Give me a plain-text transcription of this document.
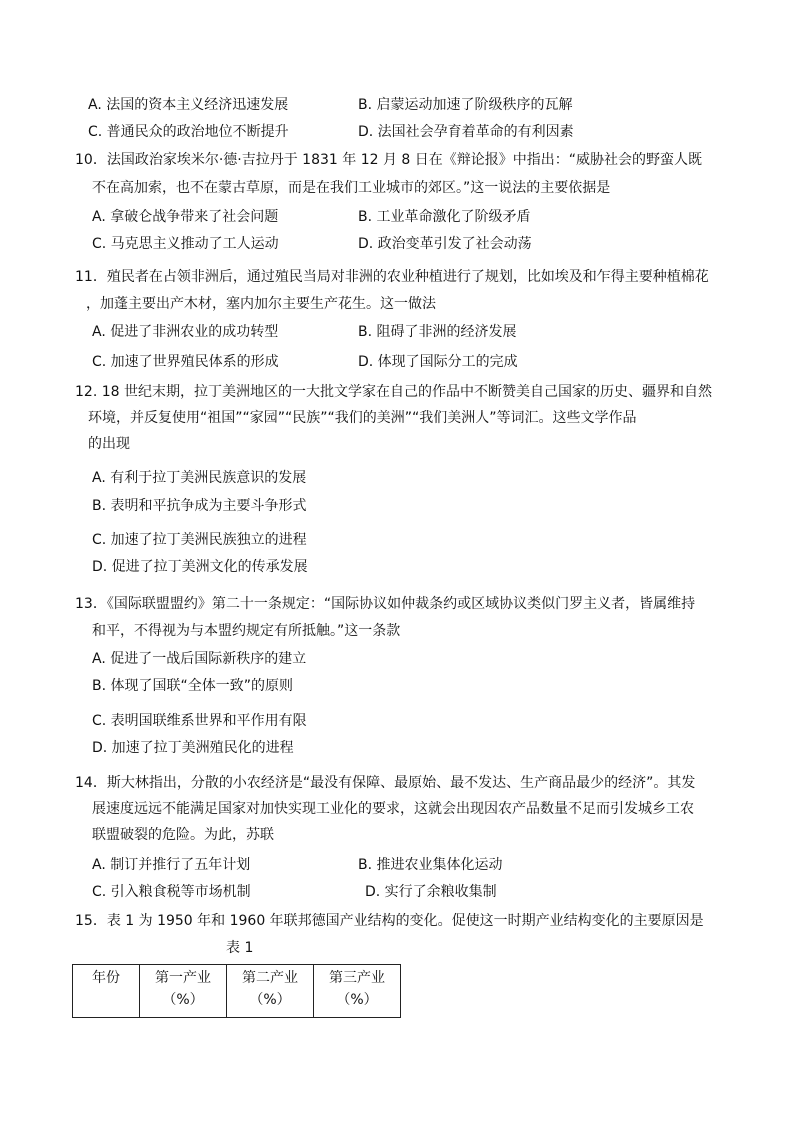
A. 法国的资本主义经济迅速发展	B. 启蒙运动加速了阶级秩序的瓦解
C. 普通民众的政治地位不断提升	D. 法国社会孕育着革命的有利因素
10．法国政治家埃米尔·德·吉拉丹于 1831 年 12 月 8 日在《辩论报》中指出：“威胁社会的野蛮人既
不在高加索，也不在蒙古草原，而是在我们工业城市的郊区。”这一说法的主要依据是
A. 拿破仑战争带来了社会问题	B. 工业革命激化了阶级矛盾
C. 马克思主义推动了工人运动	D. 政治变革引发了社会动荡
11．殖民者在占领非洲后，通过殖民当局对非洲的农业种植进行了规划，比如埃及和乍得主要种植棉花
，加蓬主要出产木材，塞内加尔主要生产花生。这一做法
A. 促进了非洲农业的成功转型	B. 阻碍了非洲的经济发展
C. 加速了世界殖民体系的形成	D. 体现了国际分工的完成
12. 18 世纪末期，拉丁美洲地区的一大批文学家在自己的作品中不断赞美自己国家的历史、疆界和自然
环境，并反复使用“祖国”“家园”“民族”“我们的美洲”“我们美洲人”等词汇。这些文学作品
的出现
A. 有利于拉丁美洲民族意识的发展
B. 表明和平抗争成为主要斗争形式
C. 加速了拉丁美洲民族独立的进程
D. 促进了拉丁美洲文化的传承发展
13．《国际联盟盟约》第二十一条规定：“国际协议如仲裁条约或区域协议类似门罗主义者，皆属维持
和平，不得视为与本盟约规定有所抵触。”这一条款
A. 促进了一战后国际新秩序的建立
B. 体现了国联“全体一致”的原则
C. 表明国联维系世界和平作用有限
D. 加速了拉丁美洲殖民化的进程
14．斯大林指出，分散的小农经济是“最没有保障、最原始、最不发达、生产商品最少的经济”。其发
展速度远远不能满足国家对加快实现工业化的要求，这就会出现因农产品数量不足而引发城乡工农
联盟破裂的危险。为此，苏联
A. 制订并推行了五年计划	B. 推进农业集体化运动
C. 引入粮食税等市场机制	D. 实行了余粮收集制
15．表 1 为 1950 年和 1960 年联邦德国产业结构的变化。促使这一时期产业结构变化的主要原因是
表 1
年份	第一产业（%）	第二产业（%）	第三产业（%）
